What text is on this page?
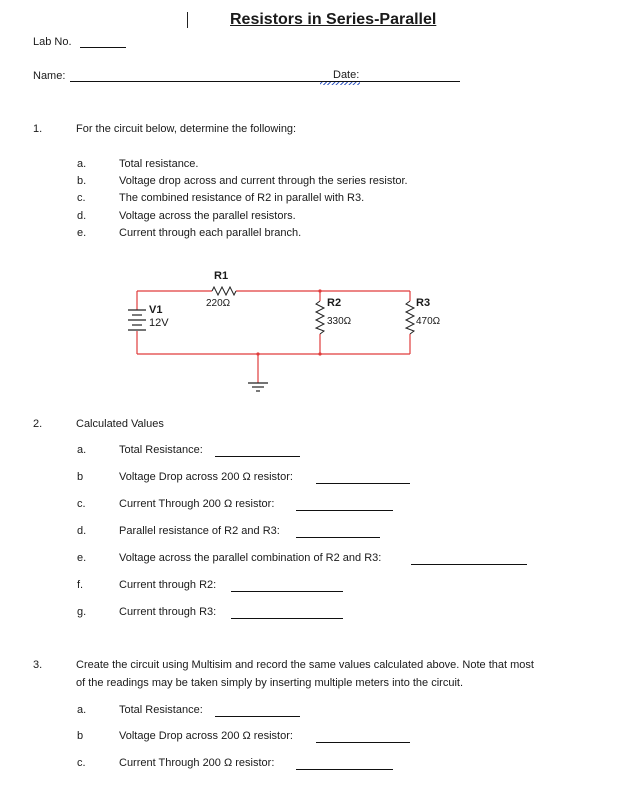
Resistors in Series-Parallel
Lab No.
Name:	Date:
1.	For the circuit below, determine the following:
a.	Total resistance.
b.	Voltage drop across and current through the series resistor.
c.	The combined resistance of R2 in parallel with R3.
d.	Voltage across the parallel resistors.
e.	Current through each parallel branch.
V1
12V
R1
220Ω	R2
330Ω
R3
470Ω
2.	Calculated Values
a.	Total Resistance:
b	Voltage Drop across 200 Ω resistor:
c.	Current Through 200 Ω resistor:
d.	Parallel resistance of R2 and R3:
e.	Voltage across the parallel combination of R2 and R3:
f.	Current through R2:
g.	Current through R3:
3.	Create the circuit using Multisim and record the same values calculated above. Note that most
of the readings may be taken simply by inserting multiple meters into the circuit.
a.	Total Resistance:
b	Voltage Drop across 200 Ω resistor:
c.	Current Through 200 Ω resistor:
